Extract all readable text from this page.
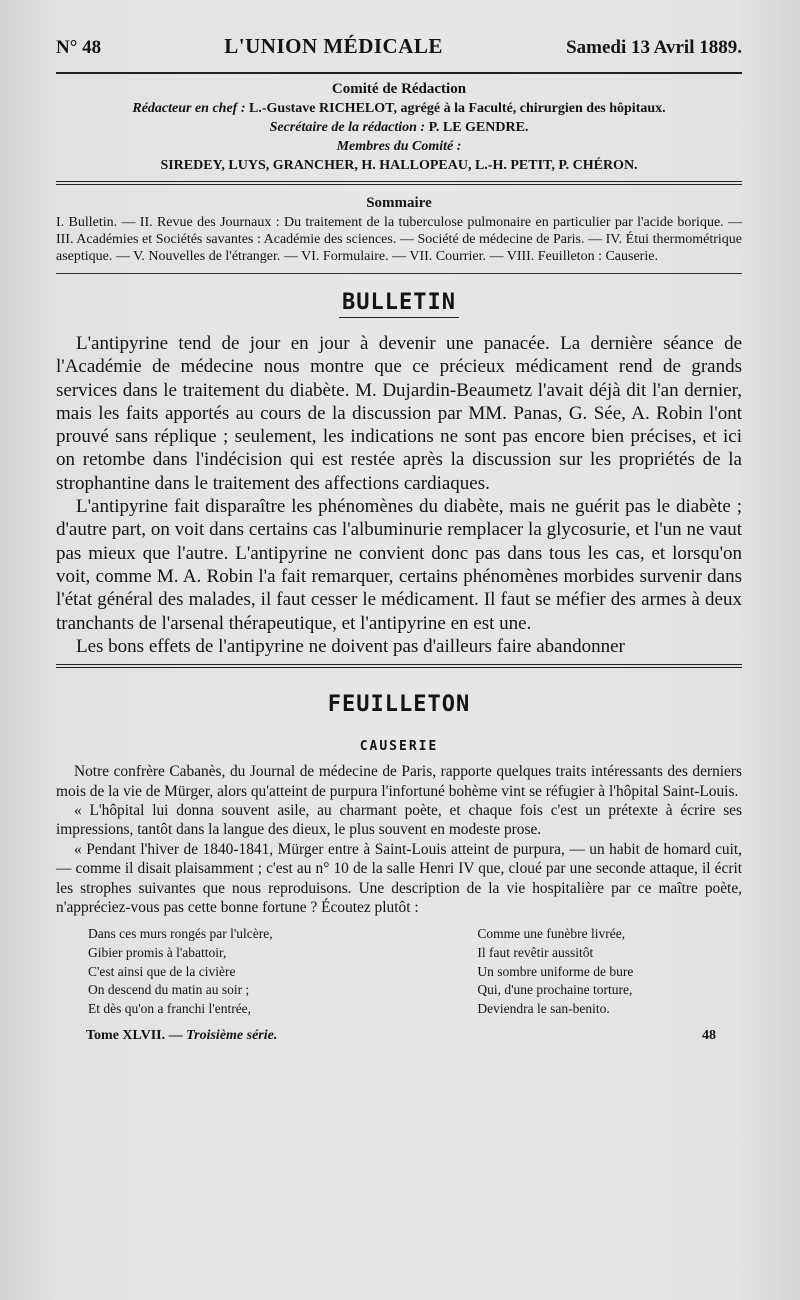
N° 48	L'UNION MÉDICALE	Samedi 13 Avril 1889.
Comité de Rédaction
Rédacteur en chef : L.-Gustave RICHELOT, agrégé à la Faculté, chirurgien des hôpitaux.
Secrétaire de la rédaction : P. LE GENDRE.
Membres du Comité :
SIREDEY, LUYS, GRANCHER, H. HALLOPEAU, L.-H. PETIT, P. CHÉRON.
Sommaire
I. Bulletin. — II. Revue des Journaux : Du traitement de la tuberculose pulmonaire en particulier par l'acide borique. — III. Académies et Sociétés savantes : Académie des sciences. — Société de médecine de Paris. — IV. Étui thermométrique aseptique. — V. Nouvelles de l'étranger. — VI. Formulaire. — VII. Courrier. — VIII. Feuilleton : Causerie.
BULLETIN

L'antipyrine tend de jour en jour à devenir une panacée. La dernière séance de l'Académie de médecine nous montre que ce précieux médicament rend de grands services dans le traitement du diabète. M. Dujardin-Beaumetz l'avait déjà dit l'an dernier, mais les faits apportés au cours de la discussion par MM. Panas, G. Sée, A. Robin l'ont prouvé sans réplique ; seulement, les indications ne sont pas encore bien précises, et ici on retombe dans l'indécision qui est restée après la discussion sur les propriétés de la strophantine dans le traitement des affections cardiaques.

L'antipyrine fait disparaître les phénomènes du diabète, mais ne guérit pas le diabète ; d'autre part, on voit dans certains cas l'albuminurie remplacer la glycosurie, et l'un ne vaut pas mieux que l'autre. L'antipyrine ne convient donc pas dans tous les cas, et lorsqu'on voit, comme M. A. Robin l'a fait remarquer, certains phénomènes morbides survenir dans l'état général des malades, il faut cesser le médicament. Il faut se méfier des armes à deux tranchants de l'arsenal thérapeutique, et l'antipyrine en est une.

Les bons effets de l'antipyrine ne doivent pas d'ailleurs faire abandonner

FEUILLETON
CAUSERIE

Notre confrère Cabanès, du Journal de médecine de Paris, rapporte quelques traits intéressants des derniers mois de la vie de Mürger, alors qu'atteint de purpura l'infortuné bohème vint se réfugier à l'hôpital Saint-Louis.

« L'hôpital lui donna souvent asile, au charmant poète, et chaque fois c'est un prétexte à écrire ses impressions, tantôt dans la langue des dieux, le plus souvent en modeste prose.

« Pendant l'hiver de 1840-1841, Mürger entre à Saint-Louis atteint de purpura, — un habit de homard cuit, — comme il disait plaisamment ; c'est au n° 10 de la salle Henri IV que, cloué par une seconde attaque, il écrit les strophes suivantes que nous reproduisons. Une description de la vie hospitalière par ce maître poète, n'appréciez-vous pas cette bonne fortune ? Écoutez plutôt :

Dans ces murs rongés par l'ulcère,
Gibier promis à l'abattoir,
C'est ainsi que de la civière
On descend du matin au soir ;
Et dès qu'on a franchi l'entrée,
Comme une funèbre livrée,
Il faut revêtir aussitôt
Un sombre uniforme de bure
Qui, d'une prochaine torture,
Deviendra le san-benito.
Tome XLVII. — Troisième série.	48
